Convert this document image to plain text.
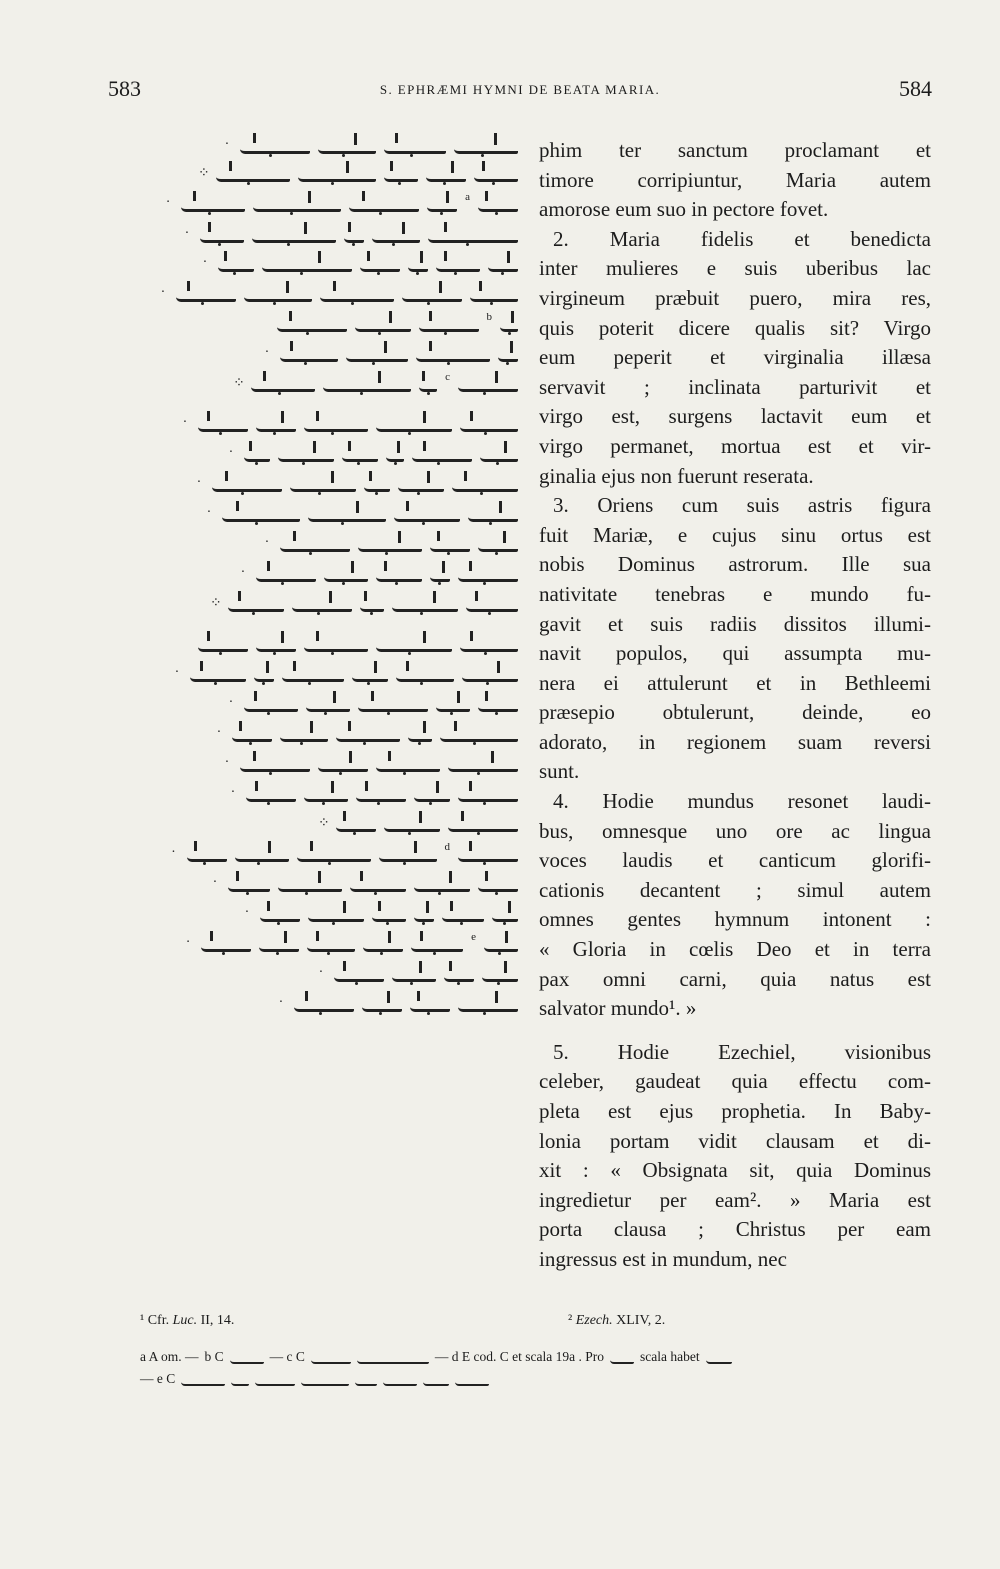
583	S. EPHRÆMI HYMNI DE BEATA MARIA.	584
·
⁘
·	a
·
·
·
b
·
⁘	c
·
·
·
·
·
·
⁘
·
·
·
·
·
⁘
·	d
·
·
·	e
·
·

phim ter sanctum proclamant et

timore corripiuntur, Maria autem

amorose eum suo in pectore fovet.

2. Maria fidelis et benedicta

inter mulieres e suis uberibus lac

virgineum præbuit puero, mira res,

quis poterit dicere qualis sit? Virgo

eum peperit et virginalia illæsa

servavit ; inclinata parturivit et

virgo est, surgens lactavit eum et

virgo permanet, mortua est et vir-

ginalia ejus non fuerunt reserata.

3. Oriens cum suis astris figura

fuit Mariæ, e cujus sinu ortus est

nobis Dominus astrorum. Ille sua

nativitate tenebras e mundo fu-

gavit et suis radiis dissitos illumi-

navit populos, qui assumpta mu-

nera ei attulerunt et in Bethleemi

præsepio obtulerunt, deinde, eo

adorato, in regionem suam reversi

sunt.

4. Hodie mundus resonet laudi-

bus, omnesque uno ore ac lingua

voces laudis et canticum glorifi-

cationis decantent ; simul autem

omnes gentes hymnum intonent :

« Gloria in cœlis Deo et in terra

pax omni carni, quia natus est

salvator mundo¹. »

5. Hodie Ezechiel, visionibus

celeber, gaudeat quia effectu com-

pleta est ejus prophetia. In Baby-

lonia portam vidit clausam et di-

xit : « Obsignata sit, quia Dominus

ingredietur per eam². » Maria est

porta clausa ; Christus per eam

ingressus est in mundum, nec

¹ Cfr. Luc. II, 14.	² Ezech. XLIV, 2.
a A om. — b C	— c C	— d E cod. C et scala 19a . Pro	scala habet
— e C
